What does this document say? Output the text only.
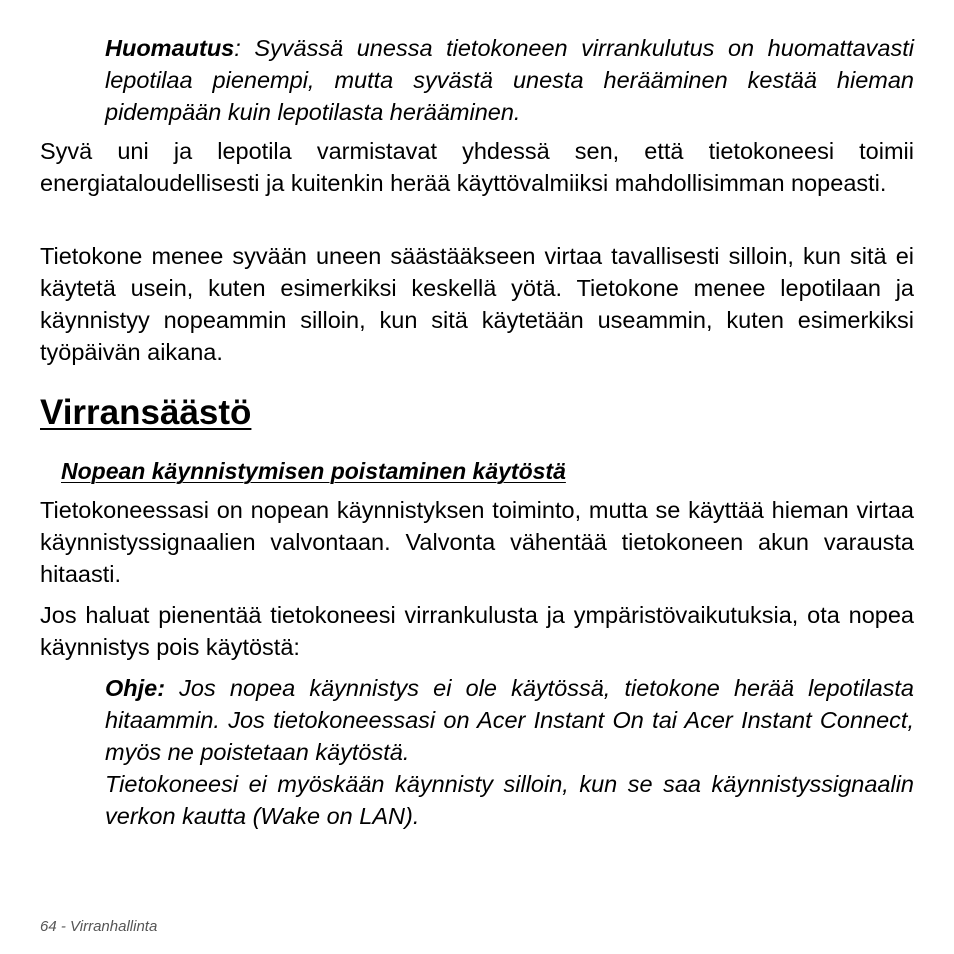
Huomautus: Syvässä unessa tietokoneen virrankulutus on huomattavasti lepotilaa pienempi, mutta syvästä unesta herääminen kestää hieman pidempään kuin lepotilasta herääminen.

Syvä uni ja lepotila varmistavat yhdessä sen, että tietokoneesi toimii energiataloudellisesti ja kuitenkin herää käyttövalmiiksi mahdollisimman nopeasti.

Tietokone menee syvään uneen säästääkseen virtaa tavallisesti silloin, kun sitä ei käytetä usein, kuten esimerkiksi keskellä yötä. Tietokone menee lepotilaan ja käynnistyy nopeammin silloin, kun sitä käytetään useammin, kuten esimerkiksi työpäivän aikana.

Virransäästö
Nopean käynnistymisen poistaminen käytöstä

Tietokoneessasi on nopean käynnistyksen toiminto, mutta se käyttää hieman virtaa käynnistyssignaalien valvontaan. Valvonta vähentää tietokoneen akun varausta hitaasti.

Jos haluat pienentää tietokoneesi virrankulusta ja ympäristövaikutuksia, ota nopea käynnistys pois käytöstä:

Ohje: Jos nopea käynnistys ei ole käytössä, tietokone herää lepotilasta hitaammin. Jos tietokoneessasi on Acer Instant On tai Acer Instant Connect, myös ne poistetaan käytöstä.

Tietokoneesi ei myöskään käynnisty silloin, kun se saa käynnistyssignaalin verkon kautta (Wake on LAN).

64 - Virranhallinta
